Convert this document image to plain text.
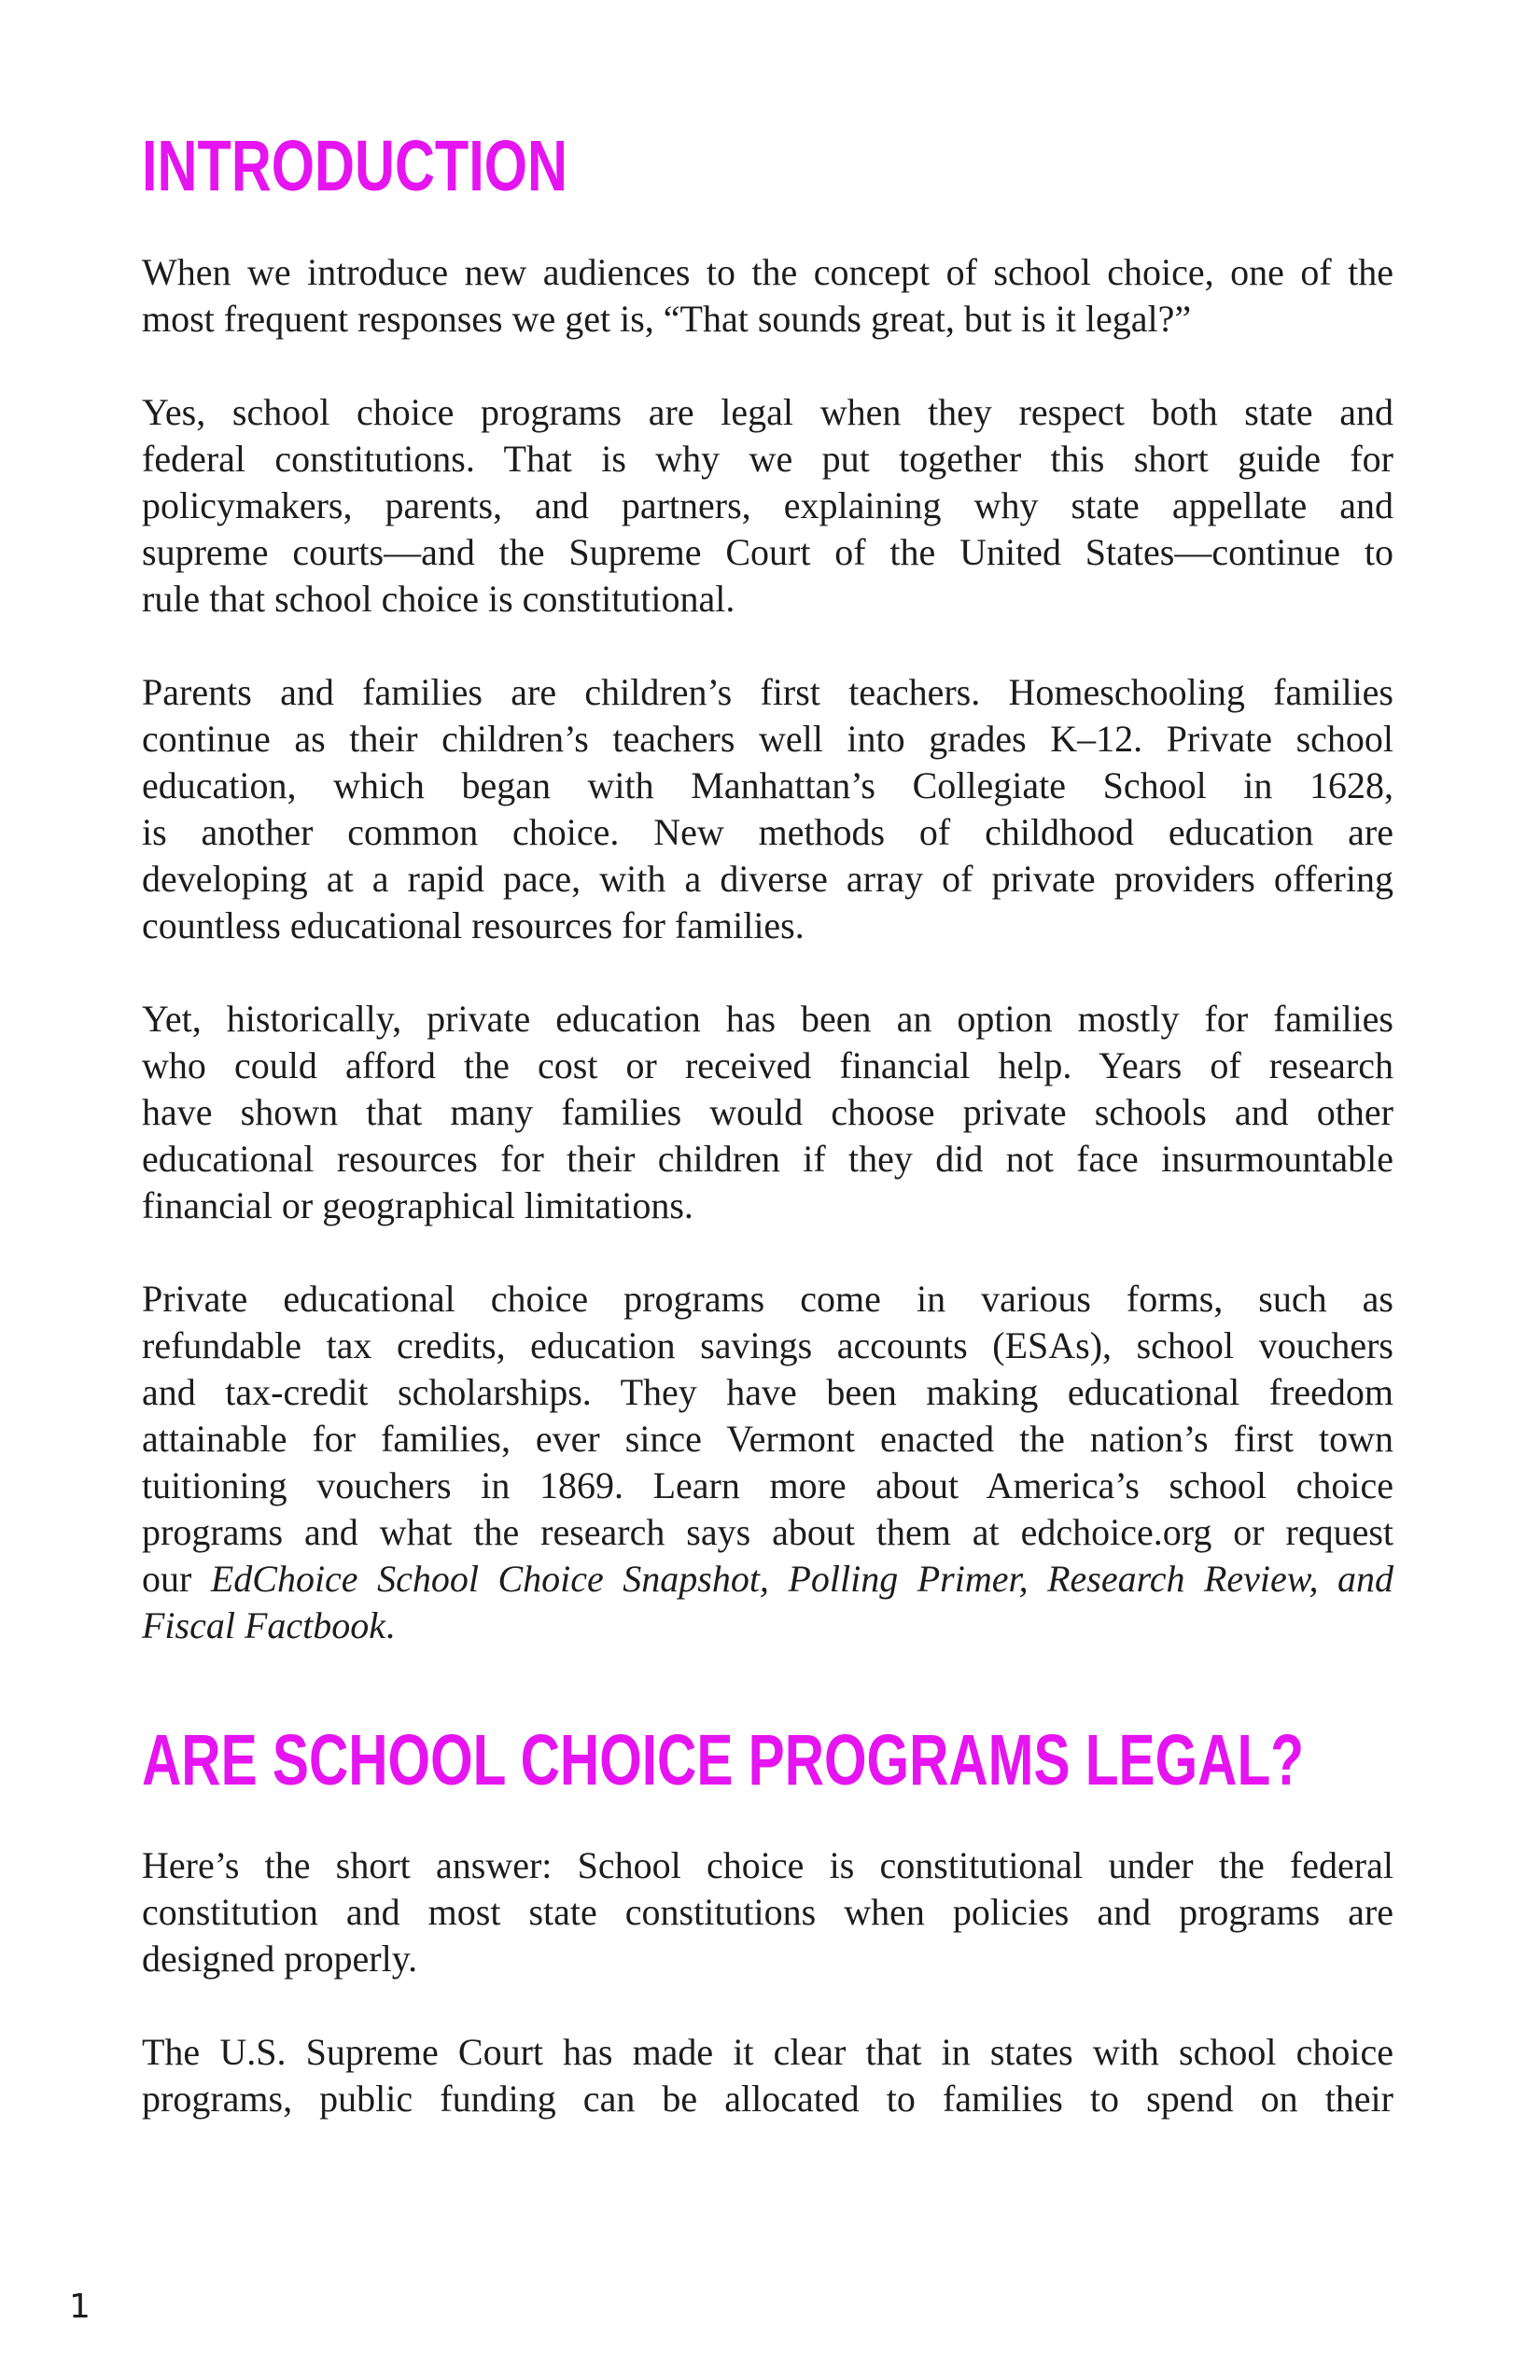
INTRODUCTION

When we introduce new audiences to the concept of school choice, one of the
most frequent responses we get is, “That sounds great, but is it legal?”

Yes, school choice programs are legal when they respect both state and
federal constitutions. That is why we put together this short guide for
policymakers, parents, and partners, explaining why state appellate and
supreme courts—and the Supreme Court of the United States—continue to
rule that school choice is constitutional.

Parents and families are children’s first teachers. Homeschooling families
continue as their children’s teachers well into grades K–12. Private school
education, which began with Manhattan’s Collegiate School in 1628,
is another common choice. New methods of childhood education are
developing at a rapid pace, with a diverse array of private providers offering
countless educational resources for families.

Yet, historically, private education has been an option mostly for families
who could afford the cost or received financial help. Years of research
have shown that many families would choose private schools and other
educational resources for their children if they did not face insurmountable
financial or geographical limitations.

Private educational choice programs come in various forms, such as
refundable tax credits, education savings accounts (ESAs), school vouchers
and tax-credit scholarships. They have been making educational freedom
attainable for families, ever since Vermont enacted the nation’s first town
tuitioning vouchers in 1869. Learn more about America’s school choice
programs and what the research says about them at edchoice.org or request
our EdChoice School Choice Snapshot, Polling Primer, Research Review, and
Fiscal Factbook.

ARE SCHOOL CHOICE PROGRAMS LEGAL?

Here’s the short answer: School choice is constitutional under the federal
constitution and most state constitutions when policies and programs are
designed properly.

The U.S. Supreme Court has made it clear that in states with school choice
programs, public funding can be allocated to families to spend on their

1
